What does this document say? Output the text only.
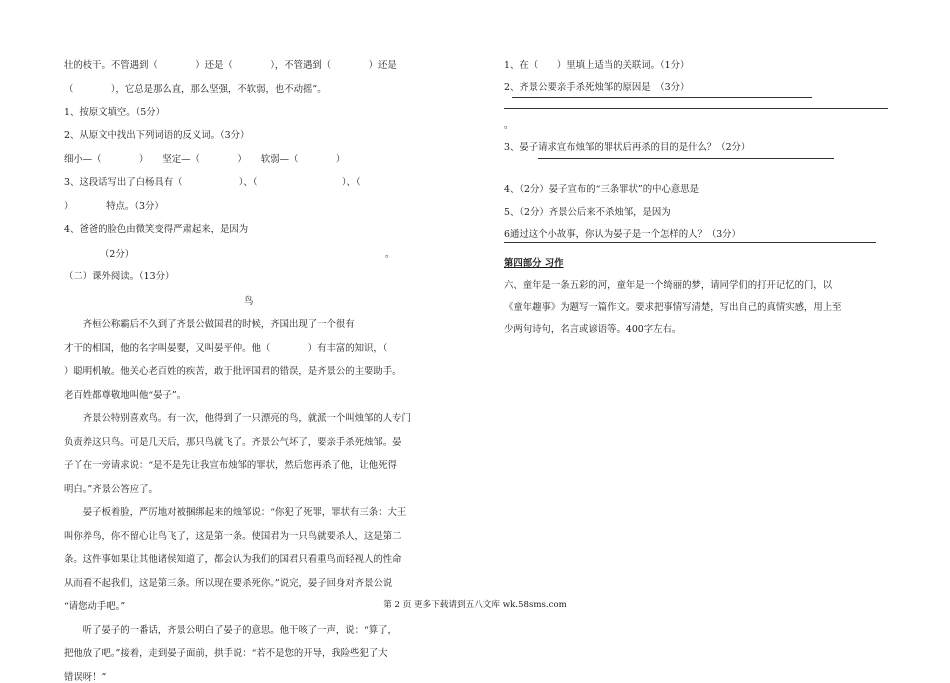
壮的枝干。不管遇到（　　　　）还是（　　　　），不管遇到（　　　　）还是

（　　　　），它总是那么直，那么坚强，不软弱，也不动摇”。

1、按原文填空。（5分）

2、从原文中找出下列词语的反义词。（3分）

细小—（　　　　）　　坚定—（　　　　）　　软弱—（　　　　）

3、这段话写出了白杨具有（　　　　　　）、（　　　　　　　　　）、（

）　　　　特点。（3分）

4、爸爸的脸色由微笑变得严肃起来，是因为

（2分）	。

（二）课外阅读。（13分）

鸟

　　齐桓公称霸后不久到了齐景公做国君的时候，齐国出现了一个很有

才干的相国，他的名字叫晏婴，又叫晏平仲。他（　　　　）有丰富的知识，（

）聪明机敏。他关心老百姓的疾苦，敢于批评国君的错误，是齐景公的主要助手。

老百姓都尊敬地叫他“晏子”。

　　齐景公特别喜欢鸟。有一次，他得到了一只漂亮的鸟，就派一个叫烛邹的人专门

负责养这只鸟。可是几天后，那只鸟就飞了。齐景公气坏了，要亲手杀死烛邹。晏

子丫在一旁请求说：“是不是先让我宣布烛邹的罪状，然后您再杀了他，让他死得

明白。”齐景公答应了。

　　晏子板着脸，严厉地对被捆绑起来的烛邹说：“你犯了死罪，罪状有三条：大王

叫你养鸟，你不留心让鸟飞了，这是第一条。使国君为一只鸟就要杀人，这是第二

条。这件事如果让其他诸侯知道了，都会认为我们的国君只看重鸟而轻视人的性命

从而看不起我们，这是第三条。所以现在要杀死你。”说完，晏子回身对齐景公说

“请您动手吧。”

　　听了晏子的一番话，齐景公明白了晏子的意思。他干咳了一声，说：“算了，

把他放了吧。”接着，走到晏子面前，拱手说：“若不是您的开导，我险些犯了大

错误呀！”

1、在（　　）里填上适当的关联词。（1分）

2、齐景公要亲手杀死烛邹的原因是　（3分）

。

3、晏子请求宣布烛邹的罪状后再杀的目的是什么？（2分）

4、（2分）晏子宣布的“三条罪状”的中心意思是

5、（2分）齐景公后来不杀烛邹，是因为

6通过这个小故事，你认为晏子是一个怎样的人？（3分）

第四部分 习作

六、童年是一条五彩的河，童年是一个绮丽的梦，请同学们的打开记忆的门，以

《童年趣事》为题写一篇作文。要求把事情写清楚，写出自己的真情实感，用上至

少两句诗句，名言或谚语等。400字左右。

第 2 页 更多下载请到五八文库 wk.58sms.com
